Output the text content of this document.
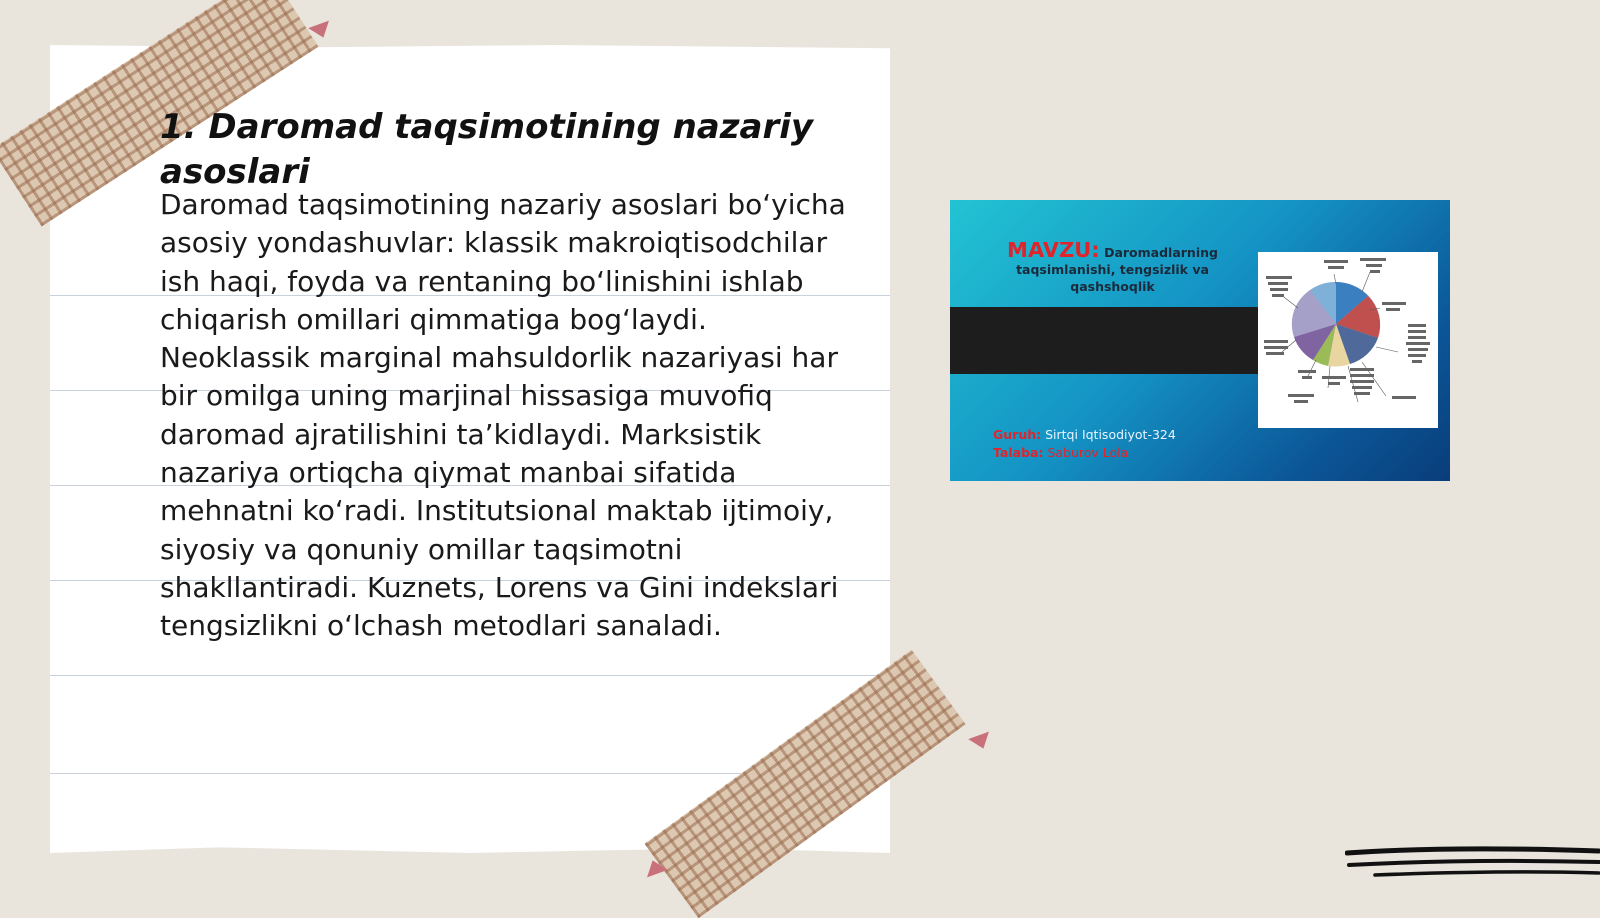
1. Daromad taqsimotining nazariy asoslari

Daromad taqsimotining nazariy asoslari bo‘yicha asosiy yondashuvlar: klassik makroiqtisodchilar ish haqi, foyda va rentaning bo‘linishini ishlab chiqarish omillari qimmatiga bog‘laydi. Neoklassik marginal mahsuldorlik nazariyasi har bir omilga uning marjinal hissasiga muvofiq daromad ajratilishini ta’kidlaydi. Marksistik nazariya ortiqcha qiymat manbai sifatida mehnatni ko‘radi. Institutsional maktab ijtimoiy, siyosiy va qonuniy omillar taqsimotni shakllantiradi. Kuznets, Lorens va Gini indekslari tengsizlikni o‘lchash metodlari sanaladi.

MAVZU: Daromadlarning taqsimlanishi, tengsizlik va qashshoqlik
Guruh: Sirtqi Iqtisodiyot-324
Talaba: Saburov Lola
